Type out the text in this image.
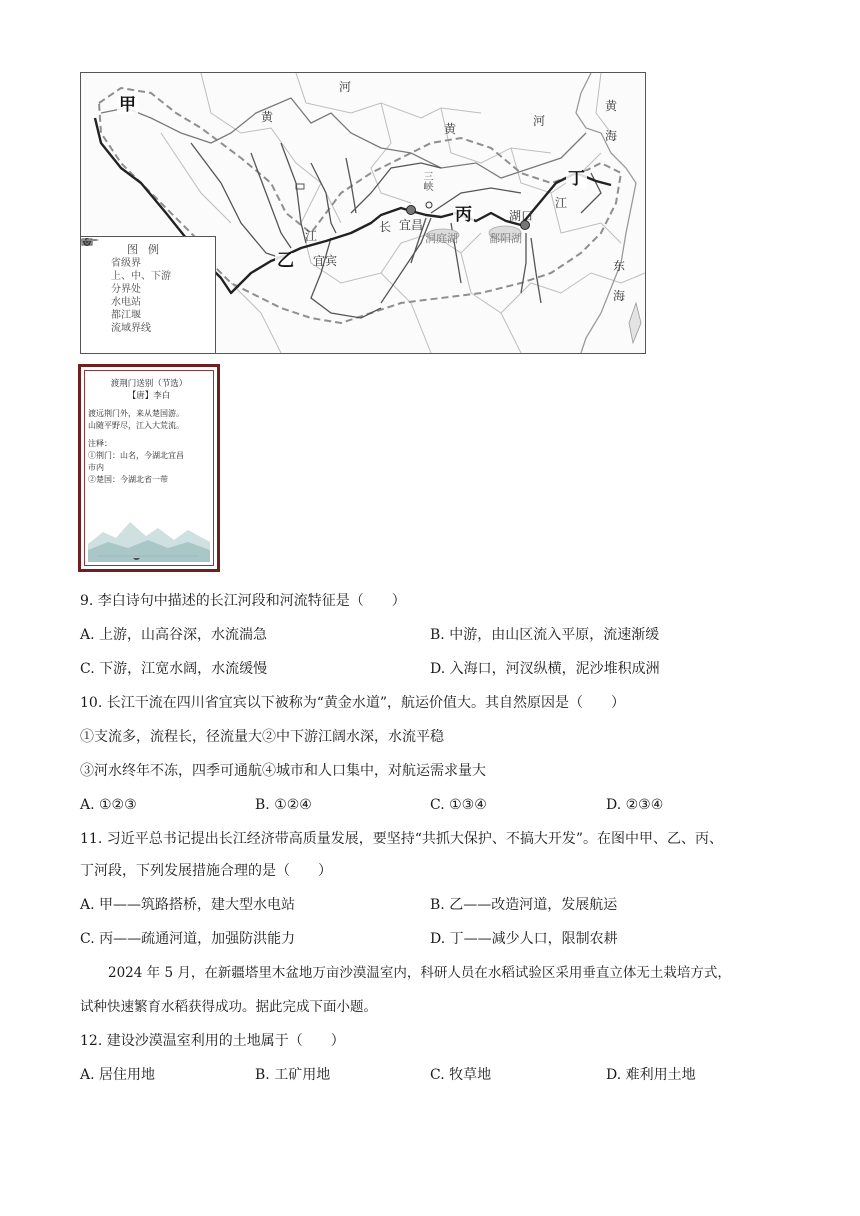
甲
乙
丙
丁
河
河
黄
黄
黄
海
东
海
江
江
长
三峡
宜昌
宜宾
湖口
洞庭湖	鄱阳湖
图例
省级界
上、中、下游
分界处
水电站
都江堰
流域界线
渡荆门送别（节选）
【唐】李白
渡远荆门外，来从楚国游。
山随平野尽，江入大荒流。
注释：
①荆门：山名，今湖北宜昌
市内
②楚国：今湖北省一带
9. 李白诗句中描述的长江河段和河流特征是（　　）
A. 上游，山高谷深，水流湍急	B. 中游，由山区流入平原，流速渐缓
C. 下游，江宽水阔，水流缓慢	D. 入海口，河汊纵横，泥沙堆积成洲
10. 长江干流在四川省宜宾以下被称为“黄金水道”，航运价值大。其自然原因是（　　）
①支流多，流程长，径流量大②中下游江阔水深，水流平稳
③河水终年不冻，四季可通航④城市和人口集中，对航运需求量大
A. ①②③	B. ①②④	C. ①③④	D. ②③④
11. 习近平总书记提出长江经济带高质量发展，要坚持“共抓大保护、不搞大开发”。在图中甲、乙、丙、
丁河段，下列发展措施合理的是（　　）
A. 甲——筑路搭桥，建大型水电站	B. 乙——改造河道，发展航运
C. 丙——疏通河道，加强防洪能力	D. 丁——减少人口，限制农耕
2024 年 5 月，在新疆塔里木盆地万亩沙漠温室内，科研人员在水稻试验区采用垂直立体无土栽培方式，
试种快速繁育水稻获得成功。据此完成下面小题。
12. 建设沙漠温室利用的土地属于（　　）
A. 居住用地	B. 工矿用地	C. 牧草地	D. 难利用土地
